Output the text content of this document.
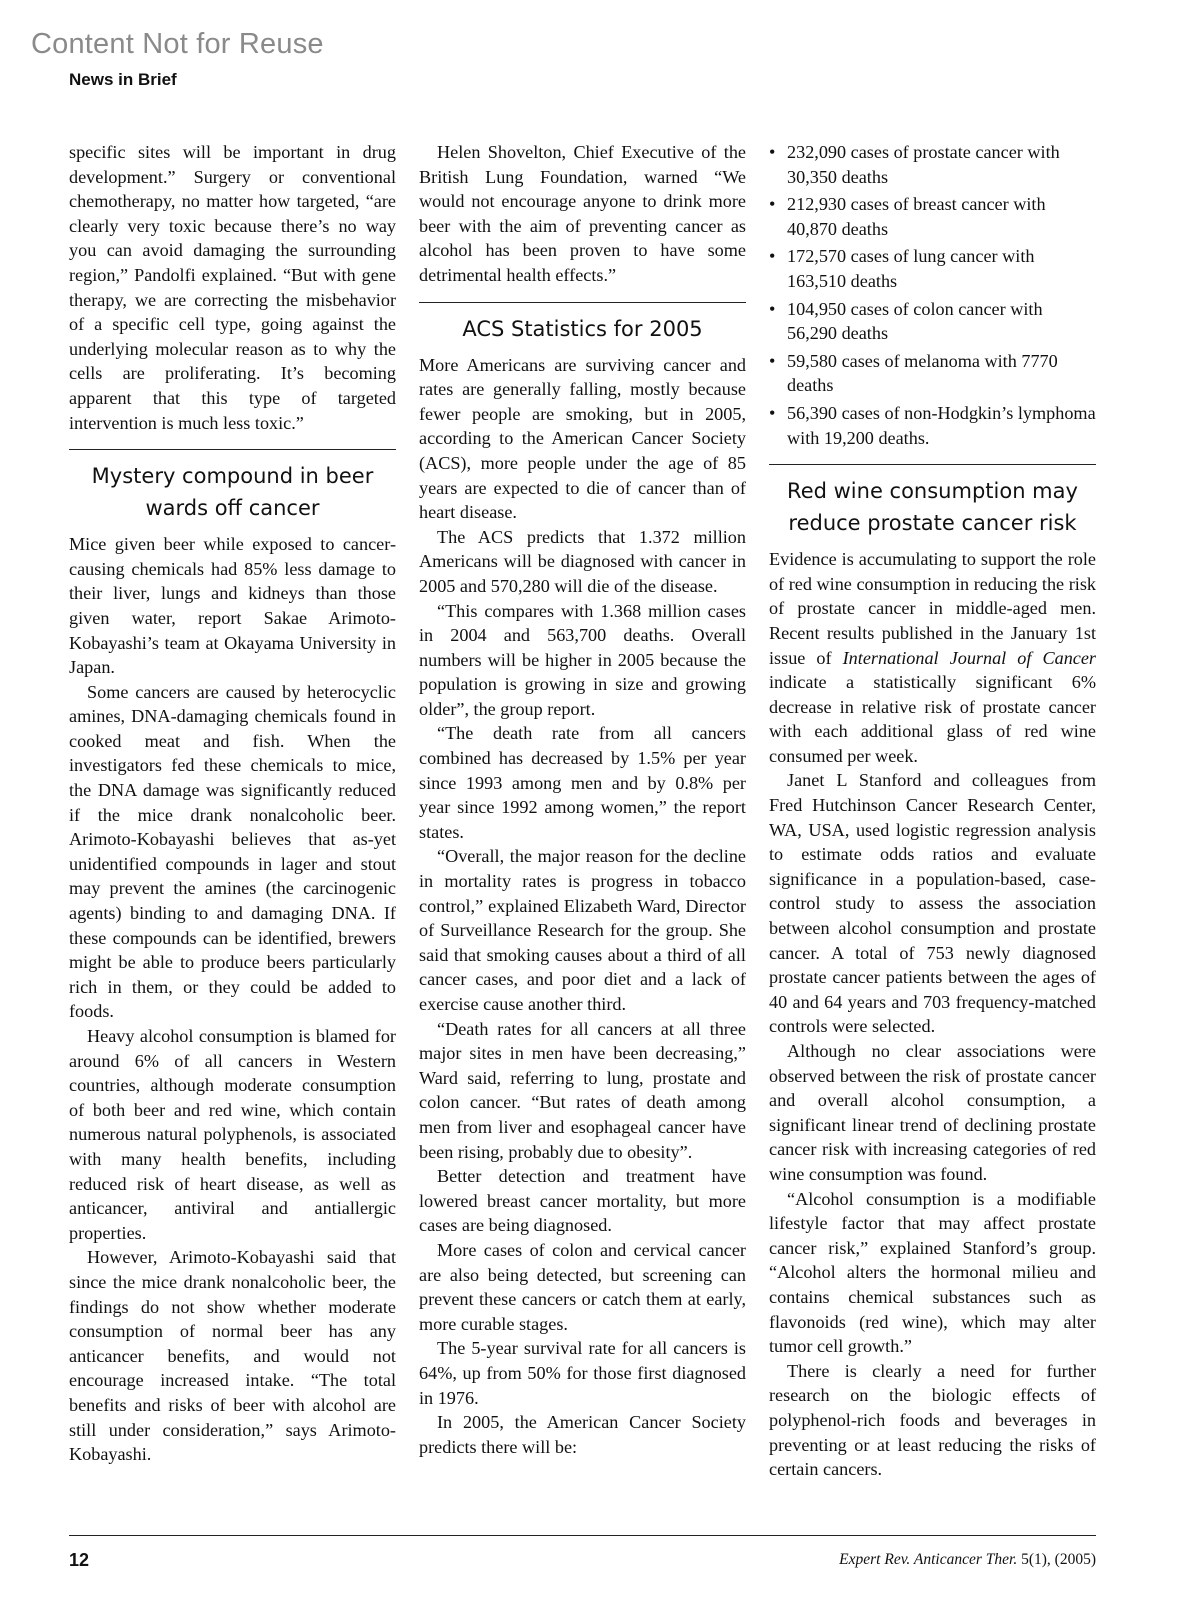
Content Not for Reuse
News in Brief

specific sites will be important in drug development.” Surgery or conventional chemotherapy, no matter how targeted, “are clearly very toxic because there’s no way you can avoid damaging the surrounding region,” Pandolfi explained. “But with gene therapy, we are correcting the misbehavior of a specific cell type, going against the underlying molecular reason as to why the cells are proliferating. It’s becoming apparent that this type of targeted intervention is much less toxic.”

Mystery compound in beer wards off cancer

Mice given beer while exposed to cancer-causing chemicals had 85% less damage to their liver, lungs and kidneys than those given water, report Sakae Arimoto-Kobayashi’s team at Okayama University in Japan.

Some cancers are caused by heterocyclic amines, DNA-damaging chemicals found in cooked meat and fish. When the investigators fed these chemicals to mice, the DNA damage was significantly reduced if the mice drank nonalcoholic beer. Arimoto-Kobayashi believes that as-yet unidentified compounds in lager and stout may prevent the amines (the carcinogenic agents) binding to and damaging DNA. If these compounds can be identified, brewers might be able to produce beers particularly rich in them, or they could be added to foods.

Heavy alcohol consumption is blamed for around 6% of all cancers in Western countries, although moderate consumption of both beer and red wine, which contain numerous natural polyphenols, is associated with many health benefits, including reduced risk of heart disease, as well as anticancer, antiviral and antiallergic properties.

However, Arimoto-Kobayashi said that since the mice drank nonalcoholic beer, the findings do not show whether moderate consumption of normal beer has any anticancer benefits, and would not encourage increased intake. “The total benefits and risks of beer with alcohol are still under consideration,” says Arimoto-Kobayashi.

Helen Shovelton, Chief Executive of the British Lung Foundation, warned “We would not encourage anyone to drink more beer with the aim of preventing cancer as alcohol has been proven to have some detrimental health effects.”

ACS Statistics for 2005

More Americans are surviving cancer and rates are generally falling, mostly because fewer people are smoking, but in 2005, according to the American Cancer Society (ACS), more people under the age of 85 years are expected to die of cancer than of heart disease.

The ACS predicts that 1.372 million Americans will be diagnosed with cancer in 2005 and 570,280 will die of the disease.

“This compares with 1.368 million cases in 2004 and 563,700 deaths. Overall numbers will be higher in 2005 because the population is growing in size and growing older”, the group report.

“The death rate from all cancers combined has decreased by 1.5% per year since 1993 among men and by 0.8% per year since 1992 among women,” the report states.

“Overall, the major reason for the decline in mortality rates is progress in tobacco control,” explained Elizabeth Ward, Director of Surveillance Research for the group. She said that smoking causes about a third of all cancer cases, and poor diet and a lack of exercise cause another third.

“Death rates for all cancers at all three major sites in men have been decreasing,” Ward said, referring to lung, prostate and colon cancer. “But rates of death among men from liver and esophageal cancer have been rising, probably due to obesity”.

Better detection and treatment have lowered breast cancer mortality, but more cases are being diagnosed.

More cases of colon and cervical cancer are also being detected, but screening can prevent these cancers or catch them at early, more curable stages.

The 5-year survival rate for all cancers is 64%, up from 50% for those first diagnosed in 1976.

In 2005, the American Cancer Society predicts there will be:

• 232,090 cases of prostate cancer with 30,350 deaths
• 212,930 cases of breast cancer with 40,870 deaths
• 172,570 cases of lung cancer with 163,510 deaths
• 104,950 cases of colon cancer with 56,290 deaths
• 59,580 cases of melanoma with 7770 deaths
• 56,390 cases of non-Hodgkin’s lymphoma with 19,200 deaths.
Red wine consumption may reduce prostate cancer risk

Evidence is accumulating to support the role of red wine consumption in reducing the risk of prostate cancer in middle-aged men. Recent results published in the January 1st issue of International Journal of Cancer indicate a statistically significant 6% decrease in relative risk of prostate cancer with each additional glass of red wine consumed per week.

Janet L Stanford and colleagues from Fred Hutchinson Cancer Research Center, WA, USA, used logistic regression analysis to estimate odds ratios and evaluate significance in a population-based, case-control study to assess the association between alcohol consumption and prostate cancer. A total of 753 newly diagnosed prostate cancer patients between the ages of 40 and 64 years and 703 frequency-matched controls were selected.

Although no clear associations were observed between the risk of prostate cancer and overall alcohol consumption, a significant linear trend of declining prostate cancer risk with increasing categories of red wine consumption was found.

“Alcohol consumption is a modifiable lifestyle factor that may affect prostate cancer risk,” explained Stanford’s group. “Alcohol alters the hormonal milieu and contains chemical substances such as flavonoids (red wine), which may alter tumor cell growth.”

There is clearly a need for further research on the biologic effects of polyphenol-rich foods and beverages in preventing or at least reducing the risks of certain cancers.

12	Expert Rev. Anticancer Ther. 5(1), (2005)
